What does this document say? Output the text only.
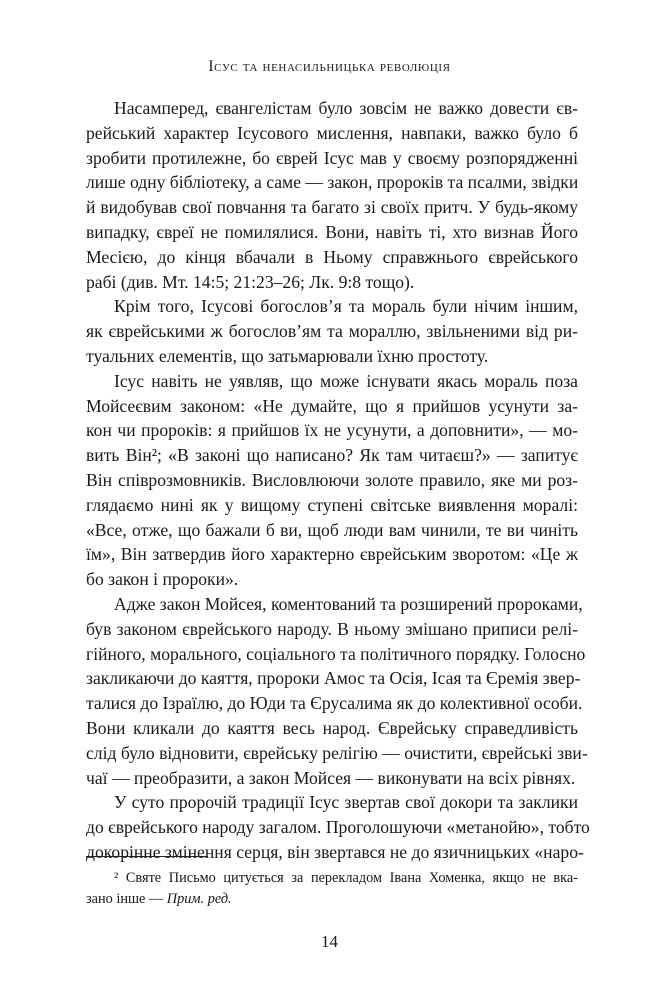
Ісус та ненасильницька революція
Насамперед, євангелістам було зовсім не важко довести єв-
рейський характер Ісусового мислення, навпаки, важко було б
зробити протилежне, бо єврей Ісус мав у своєму розпорядженні
лише одну бібліотеку, а саме — закон, пророків та псалми, звідки
й видобував свої повчання та багато зі своїх притч. У будь-якому
випадку, євреї не помилялися. Вони, навіть ті, хто визнав Його
Месією, до кінця вбачали в Ньому справжнього єврейського
рабі (див. Мт. 14:5; 21:23–26; Лк. 9:8 тощо).
Крім того, Ісусові богослов’я та мораль були нічим іншим,
як єврейськими ж богослов’ям та мораллю, звільненими від ри-
туальних елементів, що затьмарювали їхню простоту.
Ісус навіть не уявляв, що може існувати якась мораль поза
Мойсеєвим законом: «Не думайте, що я прийшов усунути за-
кон чи пророків: я прийшов їх не усунути, а доповнити», — мо-
вить Він²; «В законі що написано? Як там читаєш?» — запитує
Він співрозмовників. Висловлюючи золоте правило, яке ми роз-
глядаємо нині як у вищому ступені світське виявлення моралі:
«Все, отже, що бажали б ви, щоб люди вам чинили, те ви чиніть
їм», Він затвердив його характерно єврейським зворотом: «Це ж
бо закон і пророки».
Адже закон Мойсея, коментований та розширений пророками,
був законом єврейського народу. В ньому змішано приписи релі-
гійного, морального, соціального та політичного порядку. Голосно
закликаючи до каяття, пророки Амос та Осія, Ісая та Єремія звер-
талися до Ізраїлю, до Юди та Єрусалима як до колективної особи.
Вони кликали до каяття весь народ. Єврейську справедливість
слід було відновити, єврейську релігію — очистити, єврейські зви-
чаї — преобразити, а закон Мойсея — виконувати на всіх рівнях.
У суто пророчій традиції Ісус звертав свої докори та заклики
до єврейського народу загалом. Проголошуючи «метанойю», тобто
докорінне змінення серця, він звертався не до язичницьких «наро-
² Святе Письмо цитується за перекладом Івана Хоменка, якщо не вка-
зано інше — Прим. ред.
14
